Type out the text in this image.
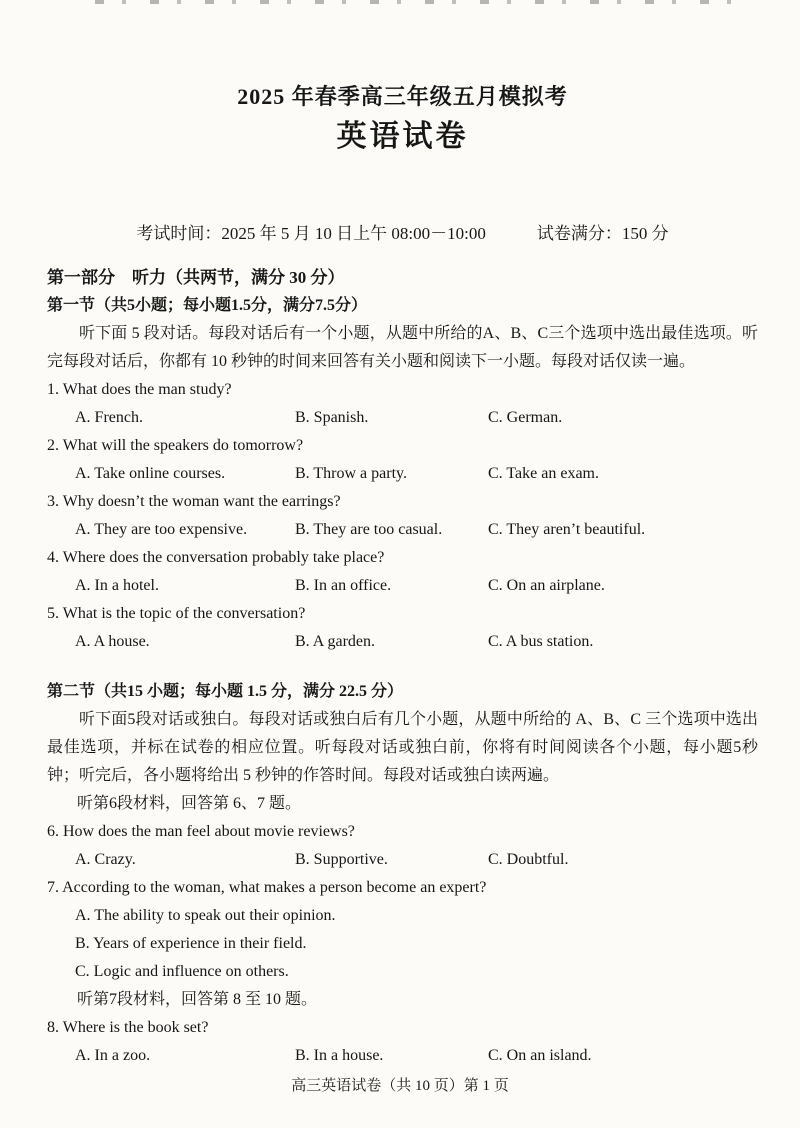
2025 年春季高三年级五月模拟考
英语试卷
考试时间：2025 年 5 月 10 日上午 08:00－10:00	试卷满分：150 分
第一部分　听力（共两节，满分 30 分）
第一节（共5小题；每小题1.5分，满分7.5分）
听下面 5 段对话。每段对话后有一个小题，从题中所给的A、B、C三个选项中选出最佳选项。听完每段对话后，你都有 10 秒钟的时间来回答有关小题和阅读下一小题。每段对话仅读一遍。
1. What does the man study?
A. French.	B. Spanish.	C. German.
2. What will the speakers do tomorrow?
A. Take online courses.	B. Throw a party.	C. Take an exam.
3. Why doesn’t the woman want the earrings?
A. They are too expensive.	B. They are too casual.	C. They aren’t beautiful.
4. Where does the conversation probably take place?
A. In a hotel.	B. In an office.	C. On an airplane.
5. What is the topic of the conversation?
A. A house.	B. A garden.	C. A bus station.
第二节（共15 小题；每小题 1.5 分，满分 22.5 分）
听下面5段对话或独白。每段对话或独白后有几个小题，从题中所给的 A、B、C 三个选项中选出最佳选项，并标在试卷的相应位置。听每段对话或独白前，你将有时间阅读各个小题，每小题5秒钟；听完后，各小题将给出 5 秒钟的作答时间。每段对话或独白读两遍。
听第6段材料，回答第 6、7 题。
6. How does the man feel about movie reviews?
A. Crazy.	B. Supportive.	C. Doubtful.
7. According to the woman, what makes a person become an expert?
A. The ability to speak out their opinion.
B. Years of experience in their field.
C. Logic and influence on others.
听第7段材料，回答第 8 至 10 题。
8. Where is the book set?
A. In a zoo.	B. In a house.	C. On an island.
高三英语试卷（共 10 页）第 1 页
